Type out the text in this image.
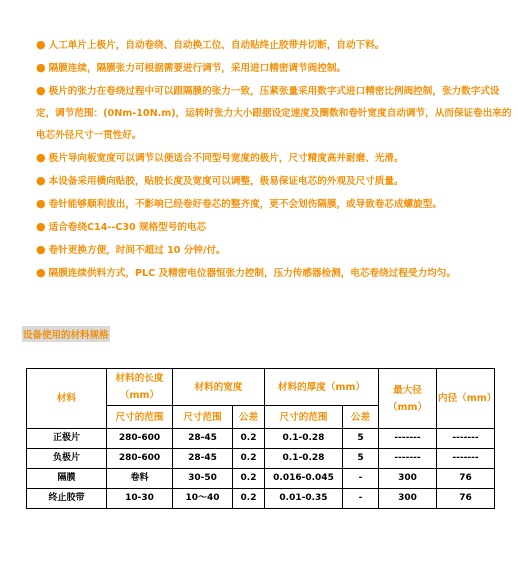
● 人工单片上极片，自动卷绕、自动换工位、自动贴终止胶带并切断，自动下料。

● 隔膜连续，隔膜张力可根据需要进行调节，采用进口精密调节阀控制。

● 极片的张力在卷绕过程中可以跟隔膜的张力一致，压紧张量采用数字式进口精密比例阀控制，张力数字式设定，调节范围：(0Nm-10N.m)，运转时张力大小跟据设定速度及圈数和卷针宽度自动调节，从而保证卷出来的电芯外径尺寸一贯性好。

● 极片导向板宽度可以调节以便适合不同型号宽度的极片，尺寸精度高并耐磨、光滑。

● 本设备采用横向贴胶，贴胶长度及宽度可以调整，极易保证电芯的外观及尺寸质量。

● 卷针能够顺利拔出，不影响已经卷好卷芯的整齐度，更不会划伤隔膜，或导致卷芯成螺旋型。

● 适合卷绕C14--C30 规格型号的电芯

● 卷针更换方便，时间不超过 10 分钟/付。

● 隔膜连续供料方式，PLC 及精密电位器恒张力控制，压力传感器检测，电芯卷绕过程受力均匀。

设备使用的材料规格
材料	材料的长度（mm）	材料的宽度		材料的厚度（mm）		最大径（mm）	内径（mm）
	尺寸的范围	尺寸范围	公差	尺寸的范围	公差		
正极片	280-600	28-45	0.2	0.1-0.28	5	-------	-------
负极片	280-600	28-45	0.2	0.1-0.28	5	-------	-------
隔膜	卷料	30-50	0.2	0.016-0.045	-	300	76
终止胶带	10-30	10～40	0.2	0.01-0.35	-	300	76
